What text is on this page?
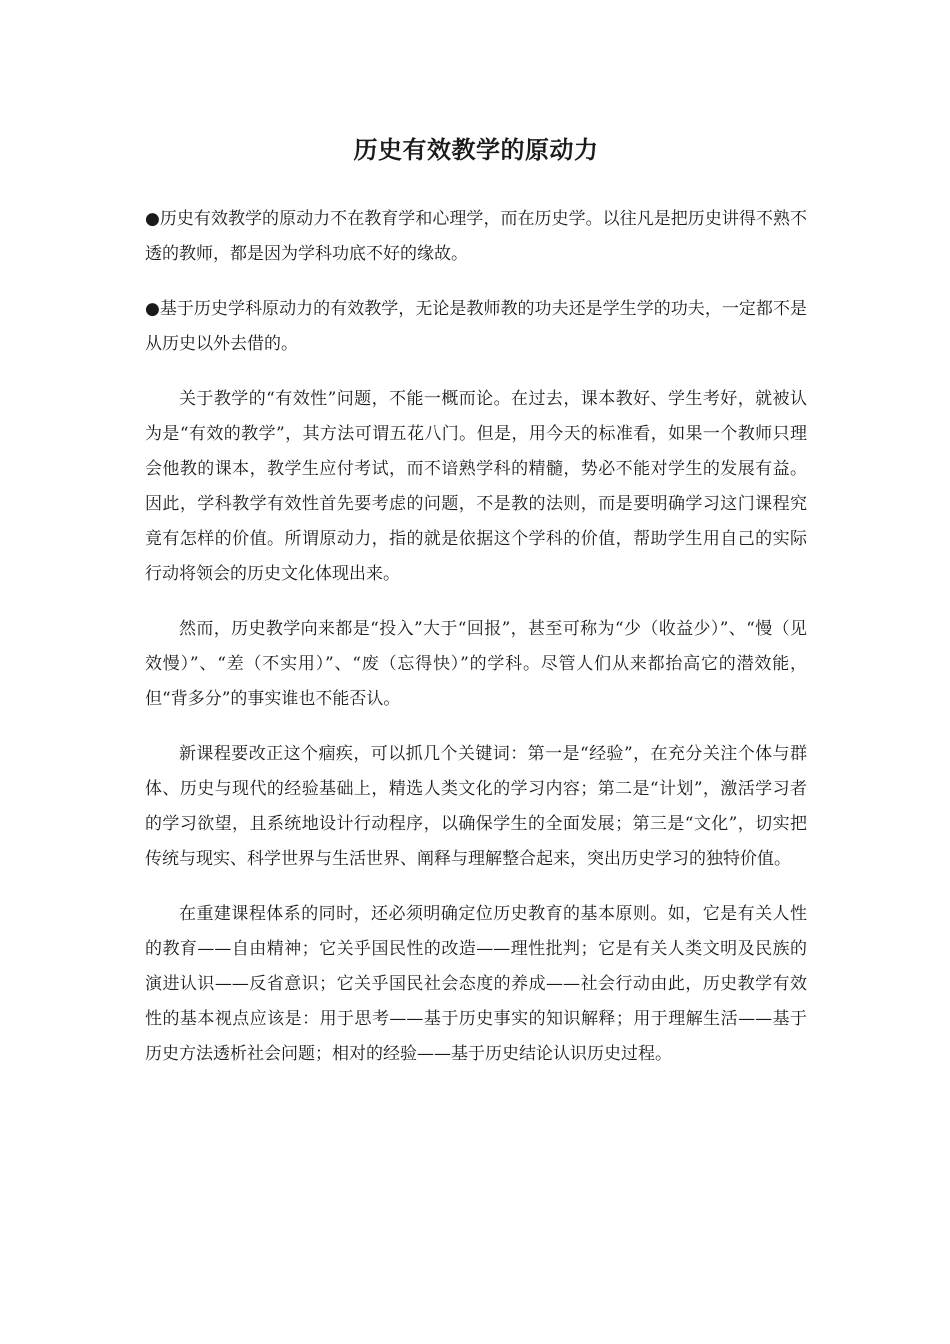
历史有效教学的原动力

●历史有效教学的原动力不在教育学和心理学，而在历史学。以往凡是把历史讲得不熟不透的教师，都是因为学科功底不好的缘故。

●基于历史学科原动力的有效教学，无论是教师教的功夫还是学生学的功夫，一定都不是从历史以外去借的。

关于教学的“有效性”问题，不能一概而论。在过去，课本教好、学生考好，就被认为是“有效的教学”，其方法可谓五花八门。但是，用今天的标准看，如果一个教师只理会他教的课本，教学生应付考试，而不谙熟学科的精髓，势必不能对学生的发展有益。因此，学科教学有效性首先要考虑的问题，不是教的法则，而是要明确学习这门课程究竟有怎样的价值。所谓原动力，指的就是依据这个学科的价值，帮助学生用自己的实际行动将领会的历史文化体现出来。

然而，历史教学向来都是“投入”大于“回报”，甚至可称为“少（收益少）”、“慢（见效慢）”、“差（不实用）”、“废（忘得快）”的学科。尽管人们从来都抬高它的潜效能，但“背多分”的事实谁也不能否认。

新课程要改正这个痼疾，可以抓几个关键词：第一是“经验”，在充分关注个体与群体、历史与现代的经验基础上，精选人类文化的学习内容；第二是“计划”，激活学习者的学习欲望，且系统地设计行动程序，以确保学生的全面发展；第三是“文化”，切实把传统与现实、科学世界与生活世界、阐释与理解整合起来，突出历史学习的独特价值。

在重建课程体系的同时，还必须明确定位历史教育的基本原则。如，它是有关人性的教育——自由精神；它关乎国民性的改造——理性批判；它是有关人类文明及民族的演进认识——反省意识；它关乎国民社会态度的养成——社会行动由此，历史教学有效性的基本视点应该是：用于思考——基于历史事实的知识解释；用于理解生活——基于历史方法透析社会问题；相对的经验——基于历史结论认识历史过程。
